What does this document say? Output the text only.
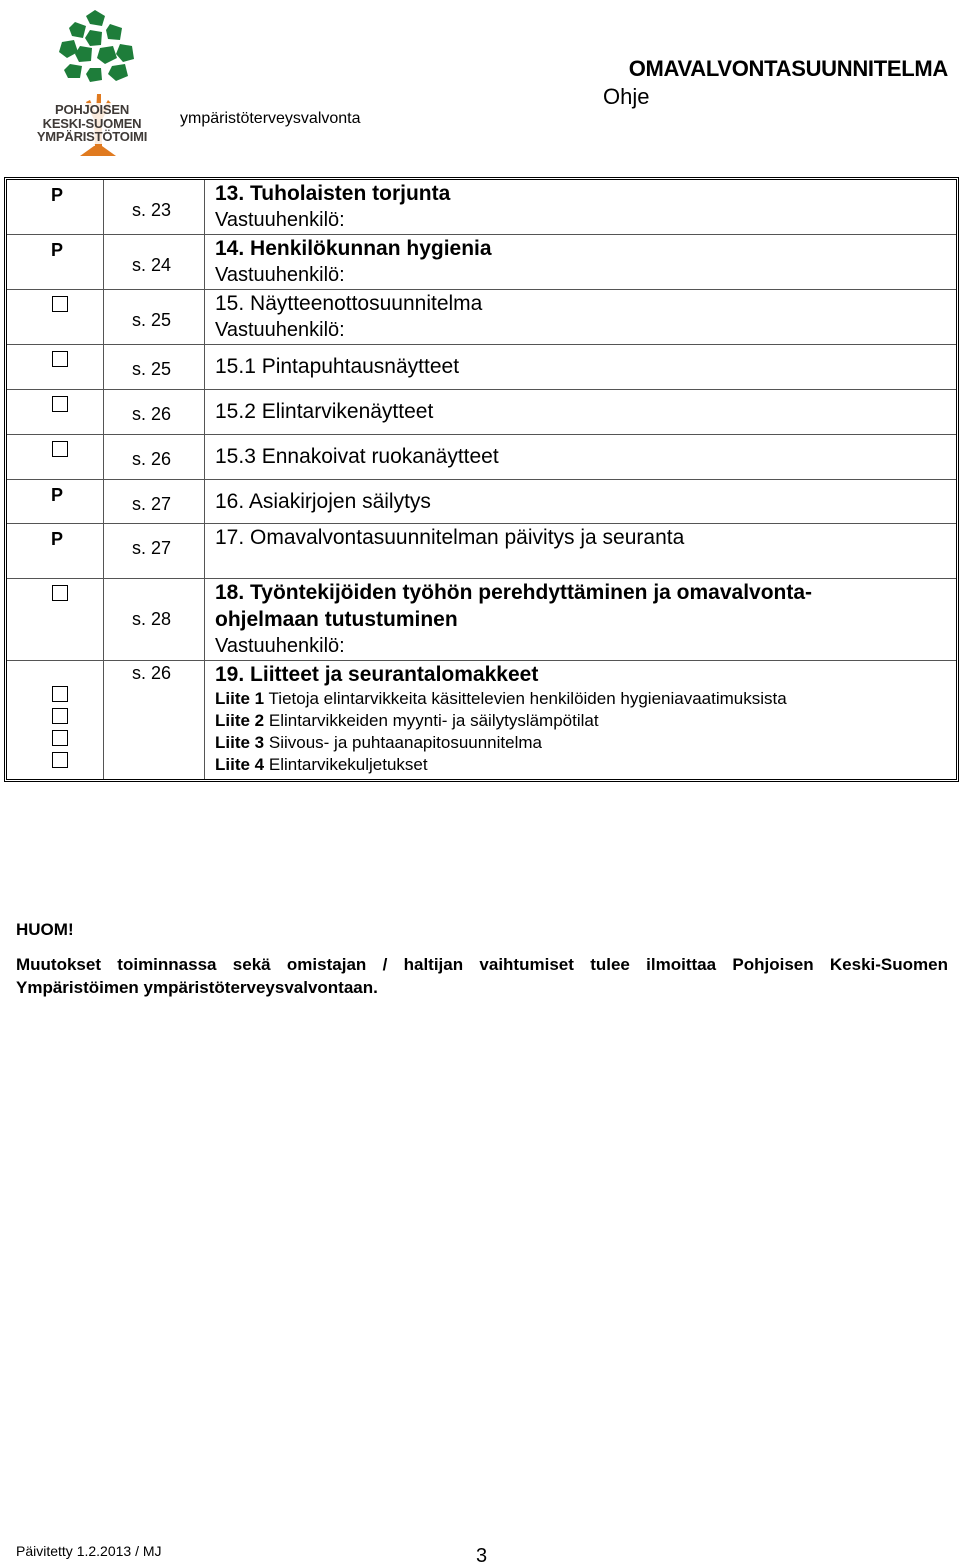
POHJOISEN
KESKI-SUOMEN
YMPÄRISTÖTOIMI
ympäristöterveysvalvonta
OMAVALVONTASUUNNITELMA
Ohje
P	s. 23	13. Tuholaisten torjunta
Vastuuhenkilö:

P	s. 24	14. Henkilökunnan hygienia
Vastuuhenkilö:

	s. 25	15. Näytteenottosuunnitelma
Vastuuhenkilö:

	s. 25	15.1 Pintapuhtausnäytteet

	s. 26	15.2 Elintarvikenäytteet

	s. 26	15.3 Ennakoivat ruokanäytteet

P	s. 27	16. Asiakirjojen säilytys

P	s. 27	17. Omavalvontasuunnitelman päivitys ja seuranta

	s. 28	18. Työntekijöiden työhön perehdyttäminen ja omavalvonta-
ohjelmaan tutustuminen
Vastuuhenkilö:

	s. 26	19. Liitteet ja seurantalomakkeet
Liite 1 Tietoja elintarvikkeita käsittelevien henkilöiden hygieniavaatimuksista
Liite 2 Elintarvikkeiden myynti- ja säilytyslämpötilat
Liite 3 Siivous- ja puhtaanapitosuunnitelma
Liite 4 Elintarvikekuljetukset
HUOM!
Muutokset toiminnassa sekä omistajan / haltijan vaihtumiset tulee ilmoittaa Pohjoisen Keski-Suomen Ympäristöimen ympäristöterveysvalvontaan.
Päivitetty 1.2.2013 / MJ	3
